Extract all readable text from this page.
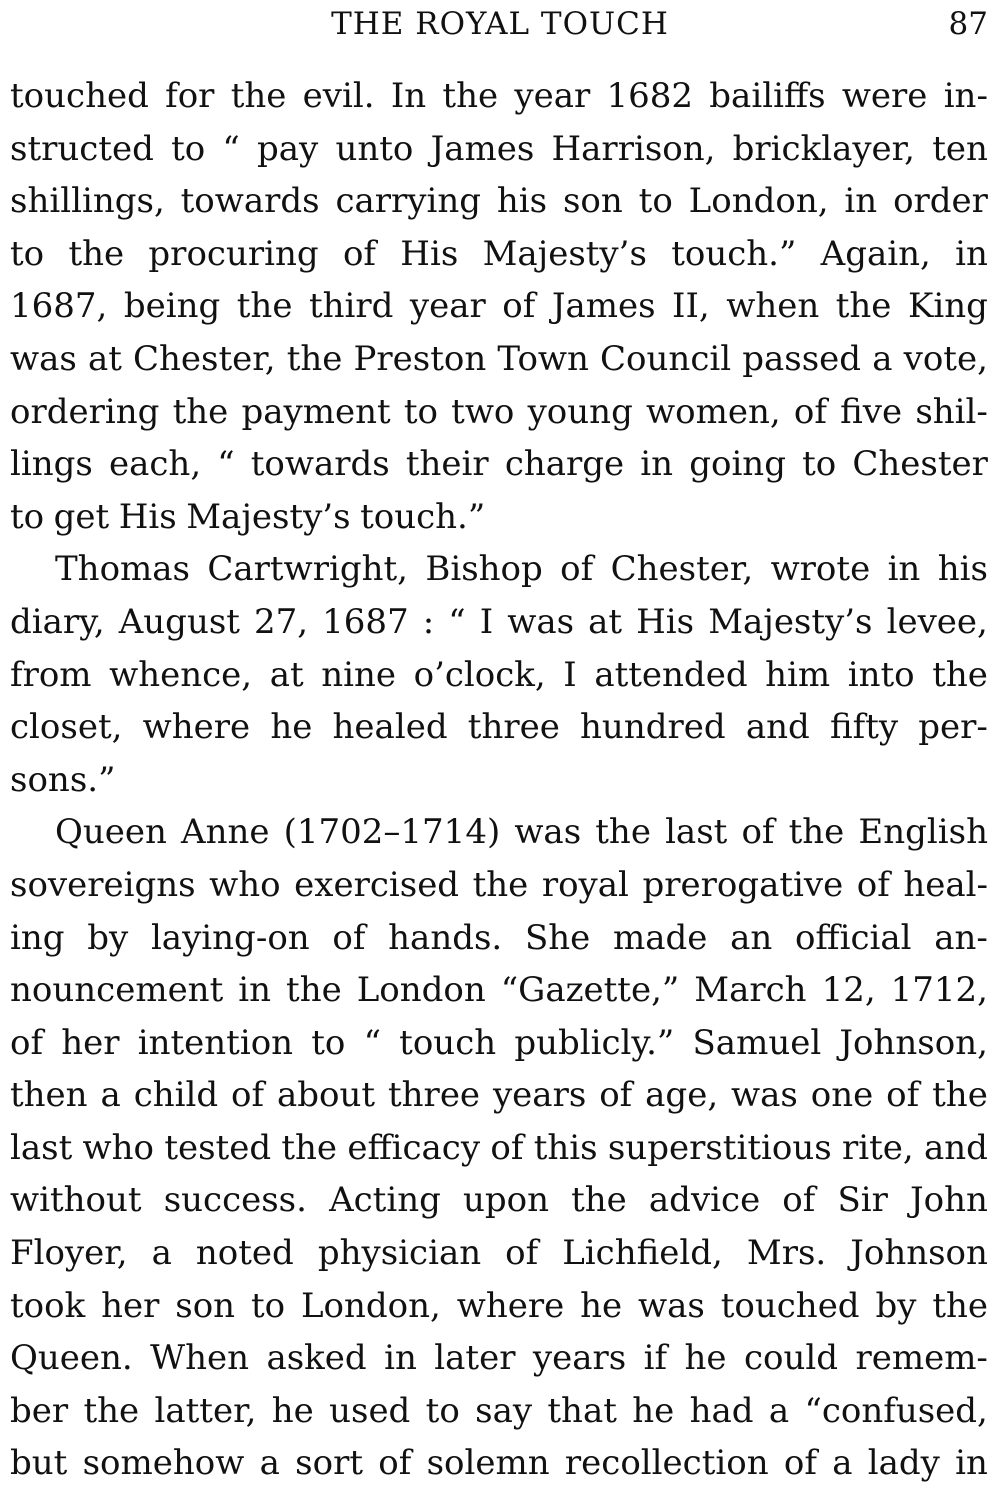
THE ROYAL TOUCH	87
touched for the evil. In the year 1682 bailiffs were in-
structed to “ pay unto James Harrison, bricklayer, ten
shillings, towards carrying his son to London, in order
to the procuring of His Majesty’s touch.” Again, in
1687, being the third year of James II, when the King
was at Chester, the Preston Town Council passed a vote,
ordering the payment to two young women, of five shil-
lings each, “ towards their charge in going to Chester
to get His Majesty’s touch.”
Thomas Cartwright, Bishop of Chester, wrote in his
diary, August 27, 1687 : “ I was at His Majesty’s levee,
from whence, at nine o’clock, I attended him into the
closet, where he healed three hundred and fifty per-
sons.”
Queen Anne (1702–1714) was the last of the English
sovereigns who exercised the royal prerogative of heal-
ing by laying-on of hands. She made an official an-
nouncement in the London “Gazette,” March 12, 1712,
of her intention to “ touch publicly.” Samuel Johnson,
then a child of about three years of age, was one of the
last who tested the efficacy of this superstitious rite, and
without success. Acting upon the advice of Sir John
Floyer, a noted physician of Lichfield, Mrs. Johnson
took her son to London, where he was touched by the
Queen. When asked in later years if he could remem-
ber the latter, he used to say that he had a “confused,
but somehow a sort of solemn recollection of a lady in
